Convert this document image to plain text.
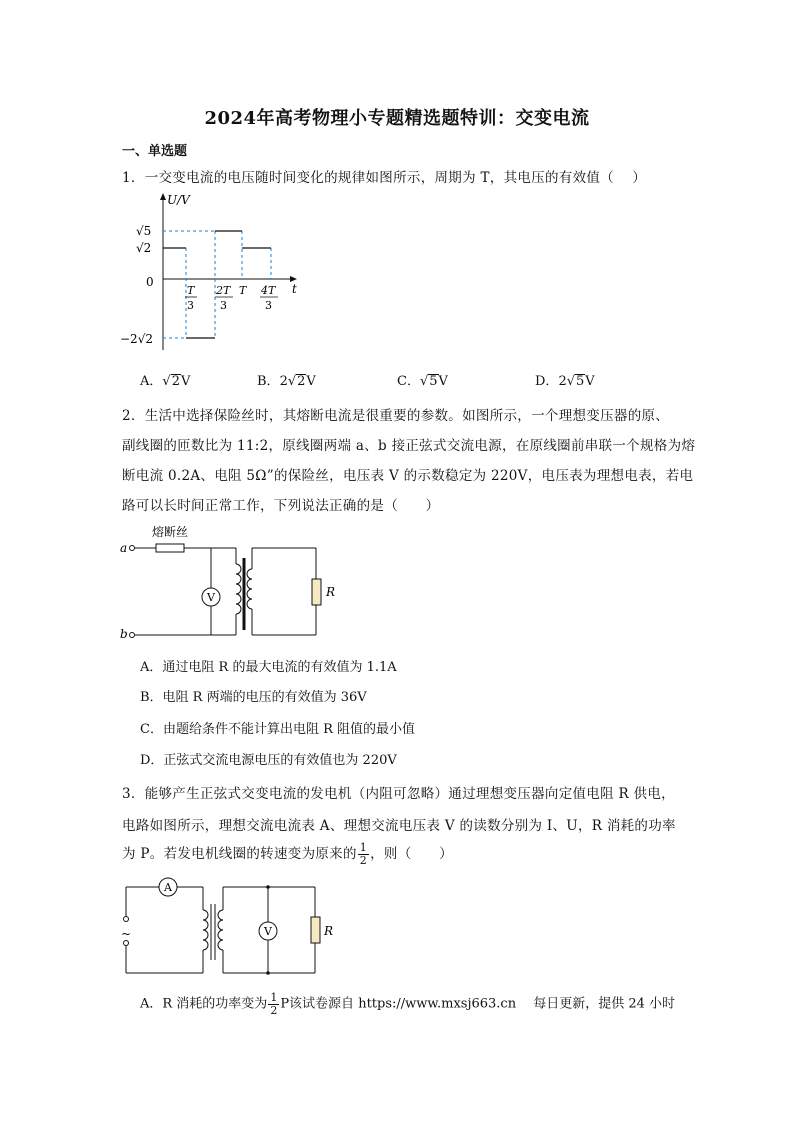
2024年高考物理小专题精选题特训：交变电流
一、单选题
1．一交变电流的电压随时间变化的规律如图所示，周期为 T，其电压的有效值（　 ）
U/V
t
0
√5
√2
−2√2
T
3
2T
3
T 4T
3
A．√2V	B．2√2V	C．√5V	D．2√5V
2．生活中选择保险丝时，其熔断电流是很重要的参数。如图所示，一个理想变压器的原、
副线圈的匝数比为 11:2，原线圈两端 a、b 接正弦式交流电源，在原线圈前串联一个规格为熔
断电流 0.2A、电阻 5Ω”的保险丝，电压表 V 的示数稳定为 220V，电压表为理想电表，若电
路可以长时间正常工作，下列说法正确的是（　　）
熔断丝
a
b
V	R
A．通过电阻 R 的最大电流的有效值为 1.1A
B．电阻 R 两端的电压的有效值为 36V
C．由题给条件不能计算出电阻 R 阻值的最小值
D．正弦式交流电源电压的有效值也为 220V
3．能够产生正弦式交变电流的发电机（内阻可忽略）通过理想变压器向定值电阻 R 供电，
电路如图所示，理想交流电流表 A、理想交流电压表 V 的读数分别为 I、U，R 消耗的功率
为 P。若发电机线圈的转速变为原来的 $\frac{1}{2}$ ，则（　　）
A
~	V	R
A．R 消耗的功率变为 $\frac{1}{2}$ P该试卷源自 https://www.mxsj663.cn　 每日更新，提供 24 小时
